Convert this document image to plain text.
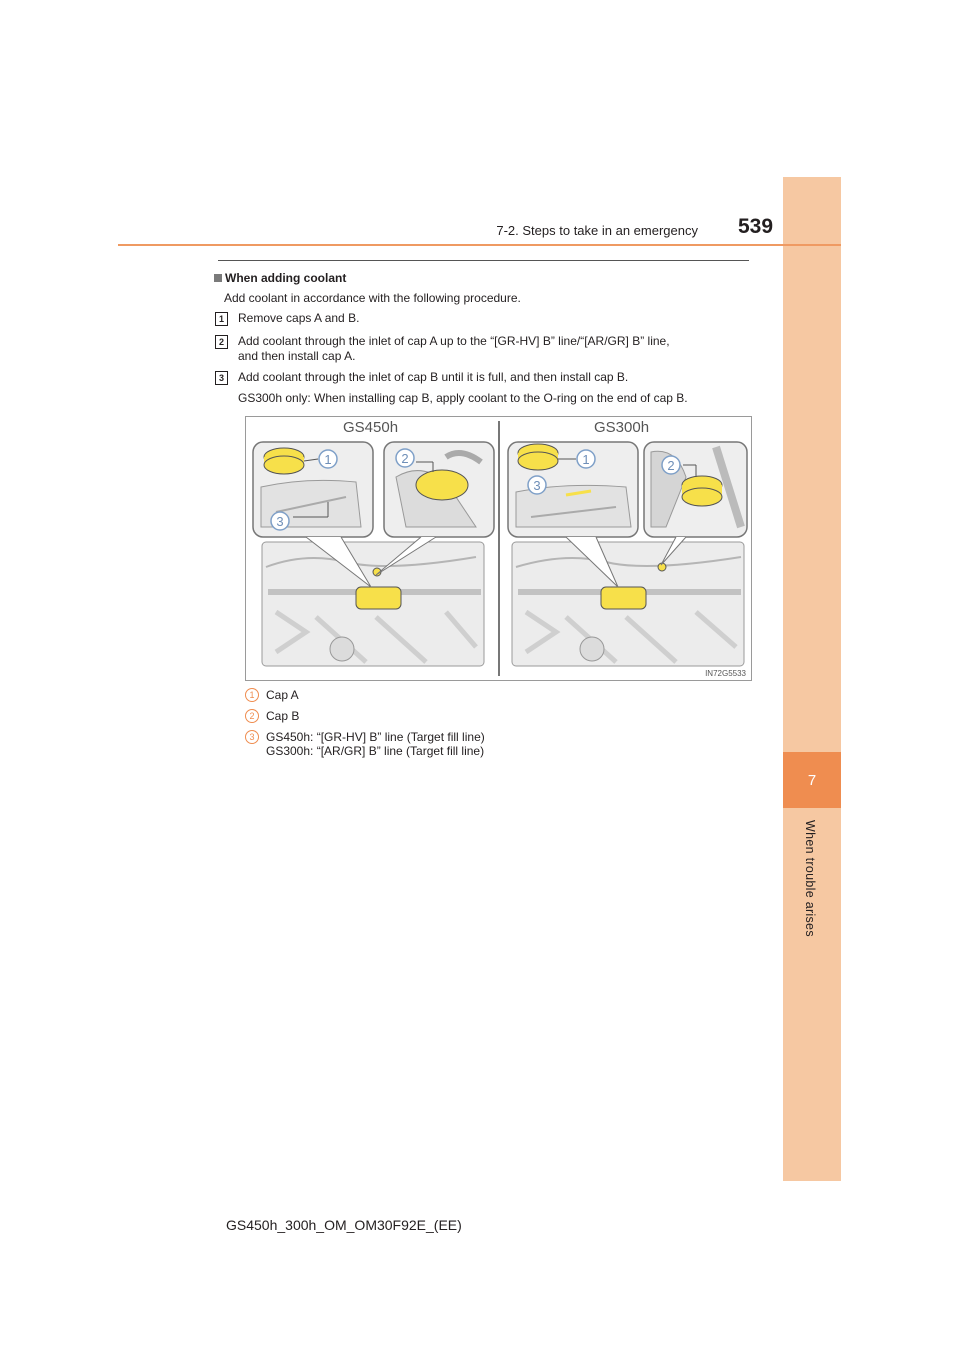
7
When trouble arises
7-2. Steps to take in an emergency 539
When adding coolant
Add coolant in accordance with the following procedure.
1	Remove caps A and B.
2	Add coolant through the inlet of cap A up to the “[GR-HV] B” line/“[AR/GR] B” line,
and then install cap A.
3	Add coolant through the inlet of cap B until it is full, and then install cap B.
GS300h only: When installing cap B, apply coolant to the O-ring on the end of cap B.
GS450h	GS300h
1	2
3
1	2
3
IN72G5533
1 Cap A
2 Cap B
3 GS450h: “[GR-HV] B” line (Target fill line)
GS300h: “[AR/GR] B” line (Target fill line)
GS450h_300h_OM_OM30F92E_(EE)
